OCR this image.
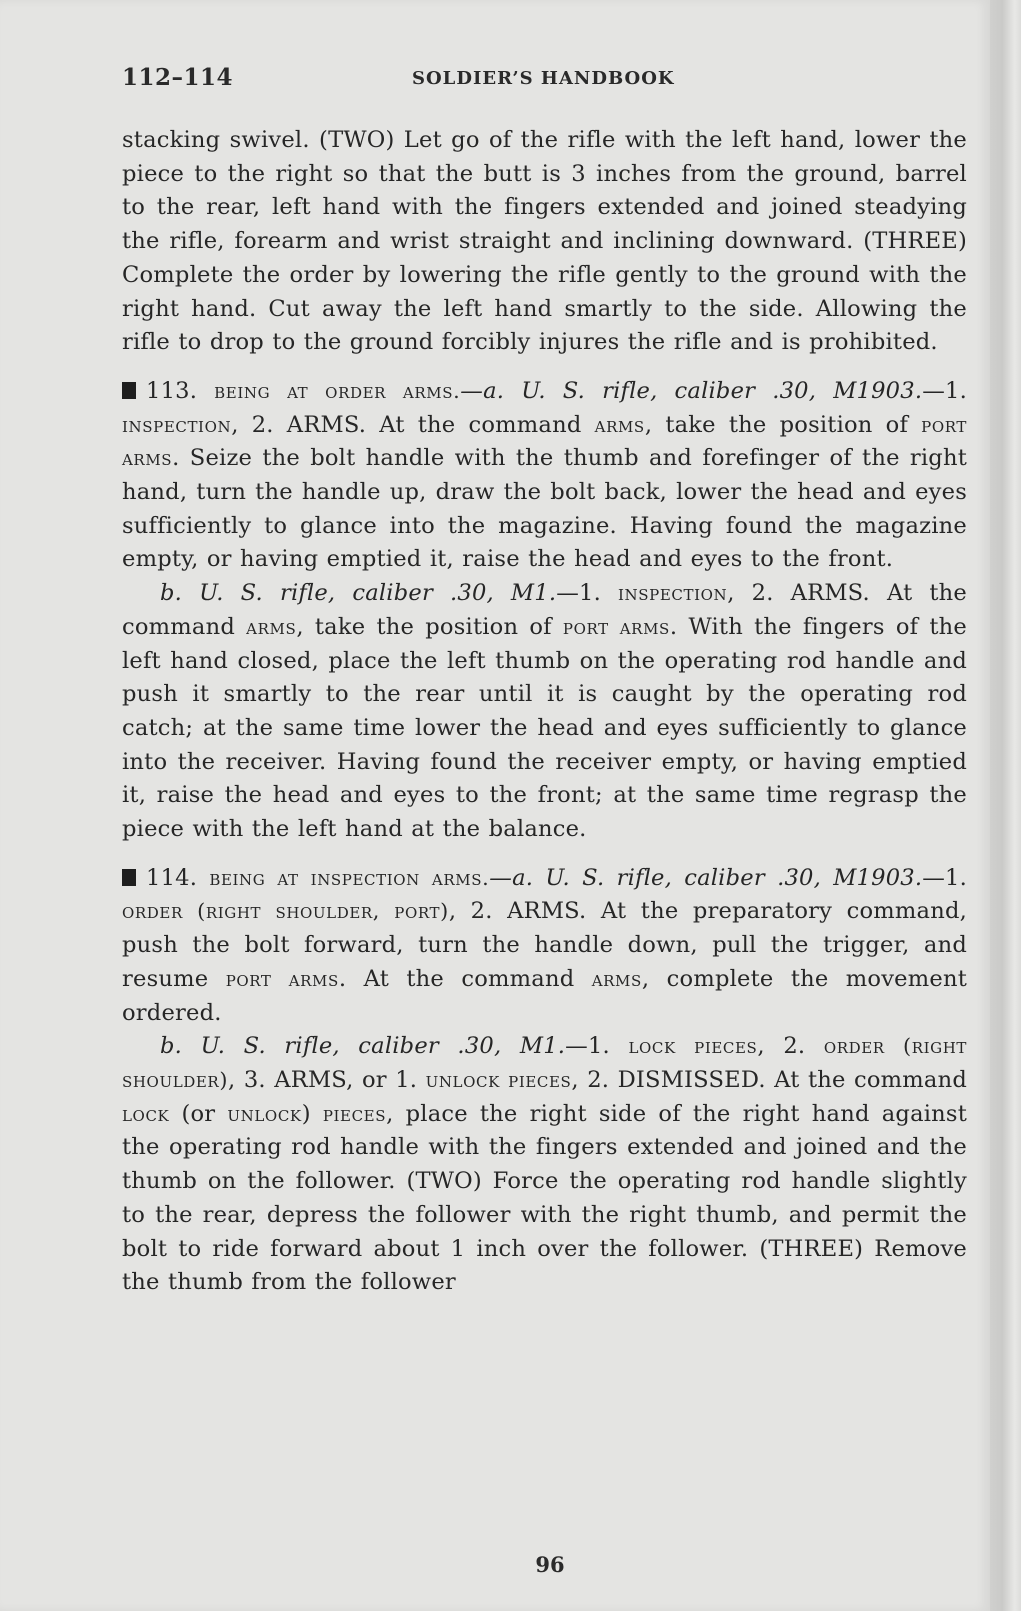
112–114	SOLDIER’S HANDBOOK

stacking swivel. (TWO) Let go of the rifle with the left hand, lower the piece to the right so that the butt is 3 inches from the ground, barrel to the rear, left hand with the fingers extended and joined steadying the rifle, forearm and wrist straight and inclining downward. (THREE) Complete the order by lowering the rifle gently to the ground with the right hand. Cut away the left hand smartly to the side. Allowing the rifle to drop to the ground forcibly injures the rifle and is prohibited.

113. being at order arms.—a. U. S. rifle, caliber .30, M1903.—1. inspection, 2. ARMS. At the command arms, take the position of port arms. Seize the bolt handle with the thumb and forefinger of the right hand, turn the handle up, draw the bolt back, lower the head and eyes sufficiently to glance into the magazine. Having found the magazine empty, or having emptied it, raise the head and eyes to the front.

b. U. S. rifle, caliber .30, M1.—1. inspection, 2. ARMS. At the command arms, take the position of port arms. With the fingers of the left hand closed, place the left thumb on the operating rod handle and push it smartly to the rear until it is caught by the operating rod catch; at the same time lower the head and eyes sufficiently to glance into the receiver. Having found the receiver empty, or having emptied it, raise the head and eyes to the front; at the same time regrasp the piece with the left hand at the balance.

114. being at inspection arms.—a. U. S. rifle, caliber .30, M1903.—1. order (right shoulder, port), 2. ARMS. At the preparatory command, push the bolt forward, turn the handle down, pull the trigger, and resume port arms. At the command arms, complete the movement ordered.

b. U. S. rifle, caliber .30, M1.—1. lock pieces, 2. order (right shoulder), 3. ARMS, or 1. unlock pieces, 2. DISMISSED. At the command lock (or unlock) pieces, place the right side of the right hand against the operating rod handle with the fingers extended and joined and the thumb on the follower. (TWO) Force the operating rod handle slightly to the rear, depress the follower with the right thumb, and permit the bolt to ride forward about 1 inch over the follower. (THREE) Remove the thumb from the follower

96
